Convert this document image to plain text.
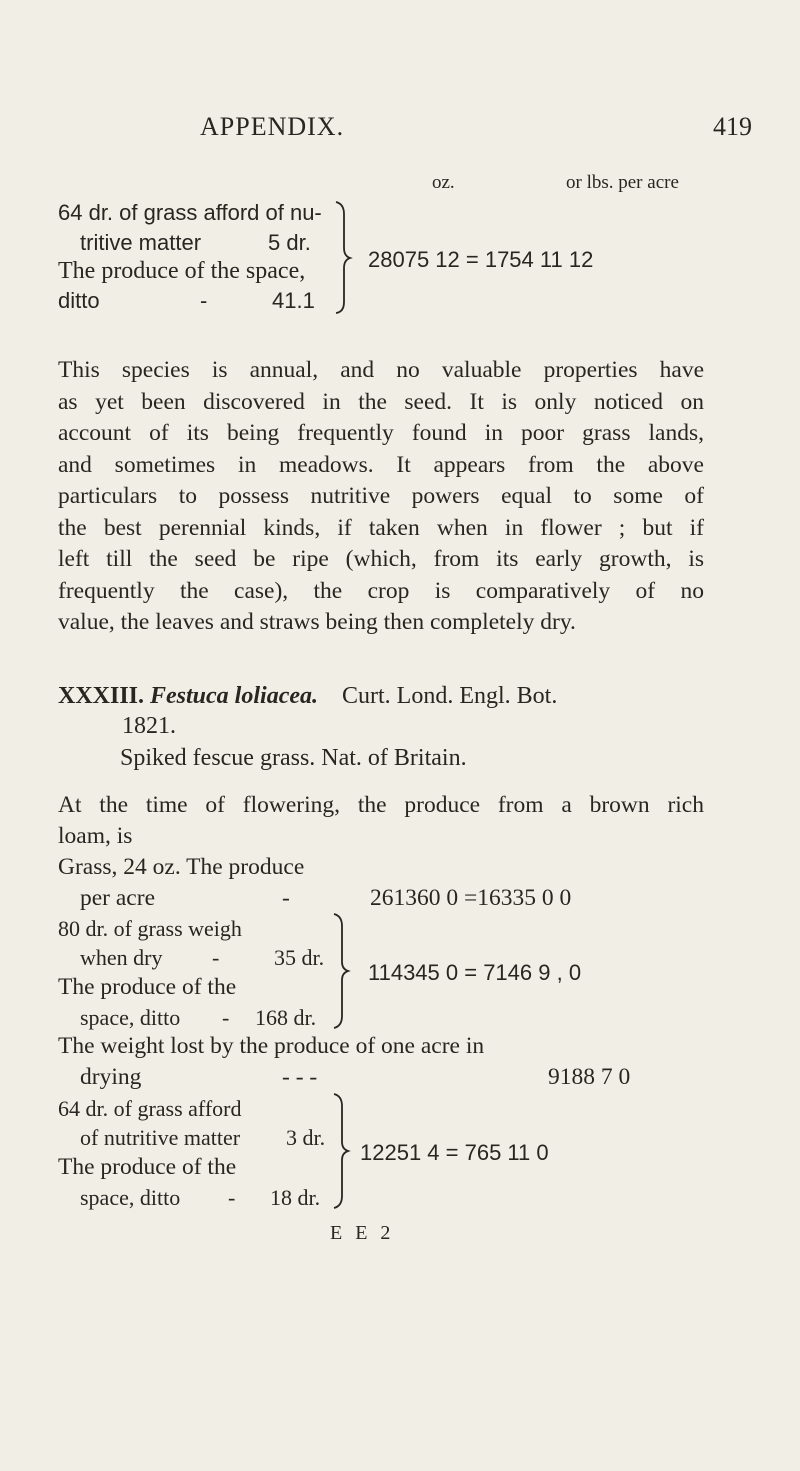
APPENDIX.	419
oz.	or lbs. per acre
64 dr. of grass afford of nu-
tritive matter	5 dr.
The produce of the space,
ditto	-	41.1
28075 12 = 1754 11 12
This species is annual, and no valuable properties have
as yet been discovered in the seed. It is only noticed on
account of its being frequently found in poor grass lands,
and sometimes in meadows. It appears from the above
particulars to possess nutritive powers equal to some of
the best perennial kinds, if taken when in flower ; but if
left till the seed be ripe (which, from its early growth, is
frequently the case), the crop is comparatively of no
value, the leaves and straws being then completely dry.
XXXIII. Festuca loliacea. Curt. Lond. Engl. Bot.
1821.
Spiked fescue grass. Nat. of Britain.
At the time of flowering, the produce from a brown rich
loam, is
Grass, 24 oz. The produce
per acre	-	261360 0 =16335 0 0
80 dr. of grass weigh
when dry - 35 dr.
The produce of the
space, ditto - 168 dr.
114345 0 = 7146 9 , 0
The weight lost by the produce of one acre in
drying	- - -	9188 7 0
64 dr. of grass afford
of nutritive matter 3 dr.
The produce of the
space, ditto - 18 dr.
12251 4 = 765 11 0
E E 2
